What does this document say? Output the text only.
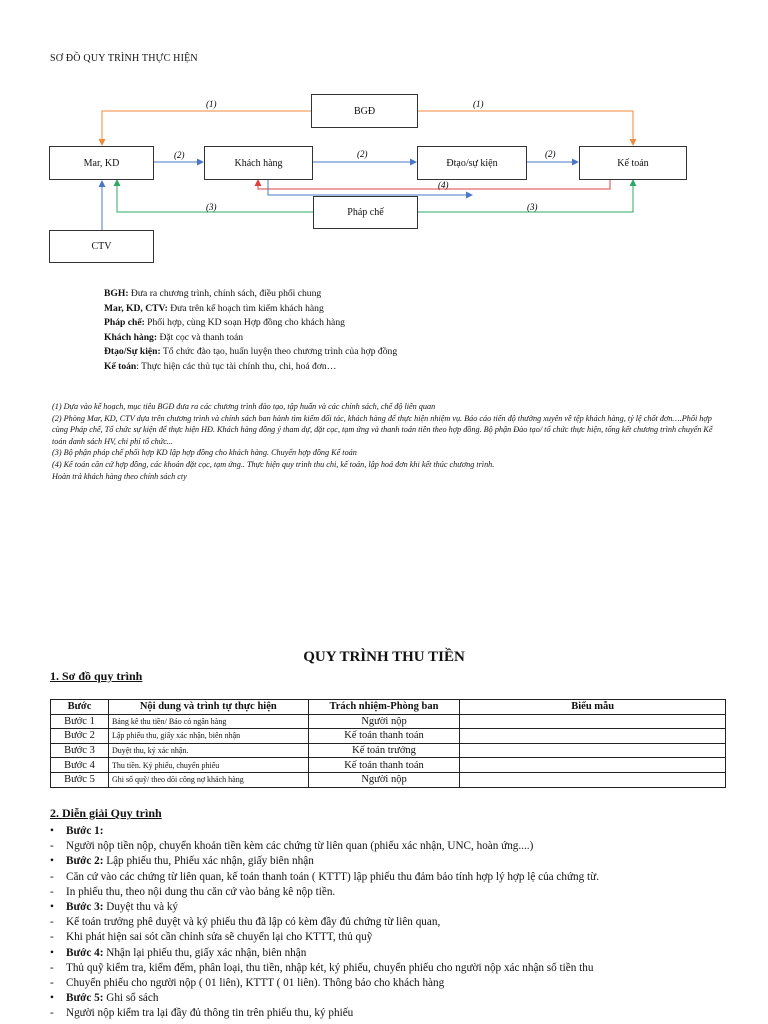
SƠ ĐỒ QUY TRÌNH THỰC HIỆN
(1)	(1)
(2)	(2)	(2)
(4)
(3)	(3)
BGĐ
Mar, KD	Khách hàng	Đtạo/sự kiện	Kế toán
Pháp chế
CTV
BGH: Đưa ra chương trình, chính sách, điều phối chung
Mar, KD, CTV: Đưa trên kế hoạch tìm kiếm khách hàng
Pháp chế: Phối hợp, cùng KD soạn Hợp đồng cho khách hàng
Khách hàng: Đặt cọc và thanh toán
Đtạo/Sự kiện: Tổ chức đào tạo, huấn luyện theo chương trình của hợp đồng
Kế toán: Thực hiện các thủ tục tài chính thu, chi, hoá đơn…
(1) Dựa vào kế hoạch, mục tiêu BGĐ đưa ra các chương trình đào tạo, tập huấn và các chính sách, chế độ liên quan
(2) Phòng Mar, KD, CTV dựa trên chương trình và chính sách ban hành tìm kiếm đối tác, khách hàng để thực hiện nhiệm vụ. Báo cáo tiến độ thường xuyên về tệp khách hàng, tỷ lệ chốt đơn….Phối hợp cùng Pháp chế, Tổ chức sự kiện để thực hiện HĐ. Khách hàng đồng ý tham dự, đặt cọc, tạm ứng và thanh toán tiền theo hợp đồng. Bộ phận Đào tạo/ tổ chức thực hiện, tổng kết chương trình chuyển Kế toán danh sách HV, chi phí tổ chức...
(3) Bộ phận pháp chế phối hợp KD lập hợp đồng cho khách hàng. Chuyển hợp đồng Kế toán
(4) Kế toán căn cứ hợp đồng, các khoản đặt cọc, tạm ứng.. Thực hiện quy trình thu chi, kế toán, lập hoá đơn khi kết thúc chương trình.
Hoàn trả khách hàng theo chính sách cty
QUY TRÌNH THU TIỀN
1. Sơ đồ quy trình
Bước	Nội dung và trình tự thực hiện	Trách nhiệm-Phòng ban	Biểu mẫu
Bước 1	Bảng kê thu tiền/ Báo có ngân hàng	Người nộp	
Bước 2	Lập phiếu thu, giấy xác nhận, biên nhận	Kế toán thanh toán	
Bước 3	Duyệt thu, ký xác nhận.	Kế toán trưởng	
Bước 4	Thu tiền. Ký phiếu, chuyển phiếu	Kế toán thanh toán	
Bước 5	Ghi số quỹ/ theo dõi công nợ khách hàng	Người nộp	
2. Diễn giải Quy trình
•	Bước 1:
-	Người nộp tiền nộp, chuyển khoản tiền kèm các chứng từ liên quan (phiếu xác nhận, UNC, hoàn ứng....)
•	Bước 2: Lập phiếu thu, Phiếu xác nhận, giấy biên nhận
-	Căn cứ vào các chứng từ liên quan, kế toán thanh toán ( KTTT) lập phiếu thu đảm bảo tính hợp lý hợp lệ của chứng từ.
-	In phiếu thu, theo nội dung thu căn cứ vào bảng kê nộp tiền.
•	Bước 3: Duyệt thu và ký
-	Kế toán trưởng phê duyệt và ký phiếu thu đã lập có kèm đầy đủ chứng từ liên quan,
-	Khi phát hiện sai sót cần chỉnh sửa sẽ chuyển lại cho KTTT, thủ quỹ
•	Bước 4: Nhận lại phiếu thu, giấy xác nhận, biên nhận
-	Thủ quỹ kiểm tra, kiểm đếm, phân loại, thu tiền, nhập két, ký phiếu, chuyển phiếu cho người nộp xác nhận số tiền thu
-	Chuyển phiếu cho người nộp ( 01 liên), KTTT ( 01 liên). Thông báo cho khách hàng
•	Bước 5: Ghi sổ sách
-	Người nộp kiểm tra lại đầy đủ thông tin trên phiếu thu, ký phiếu
